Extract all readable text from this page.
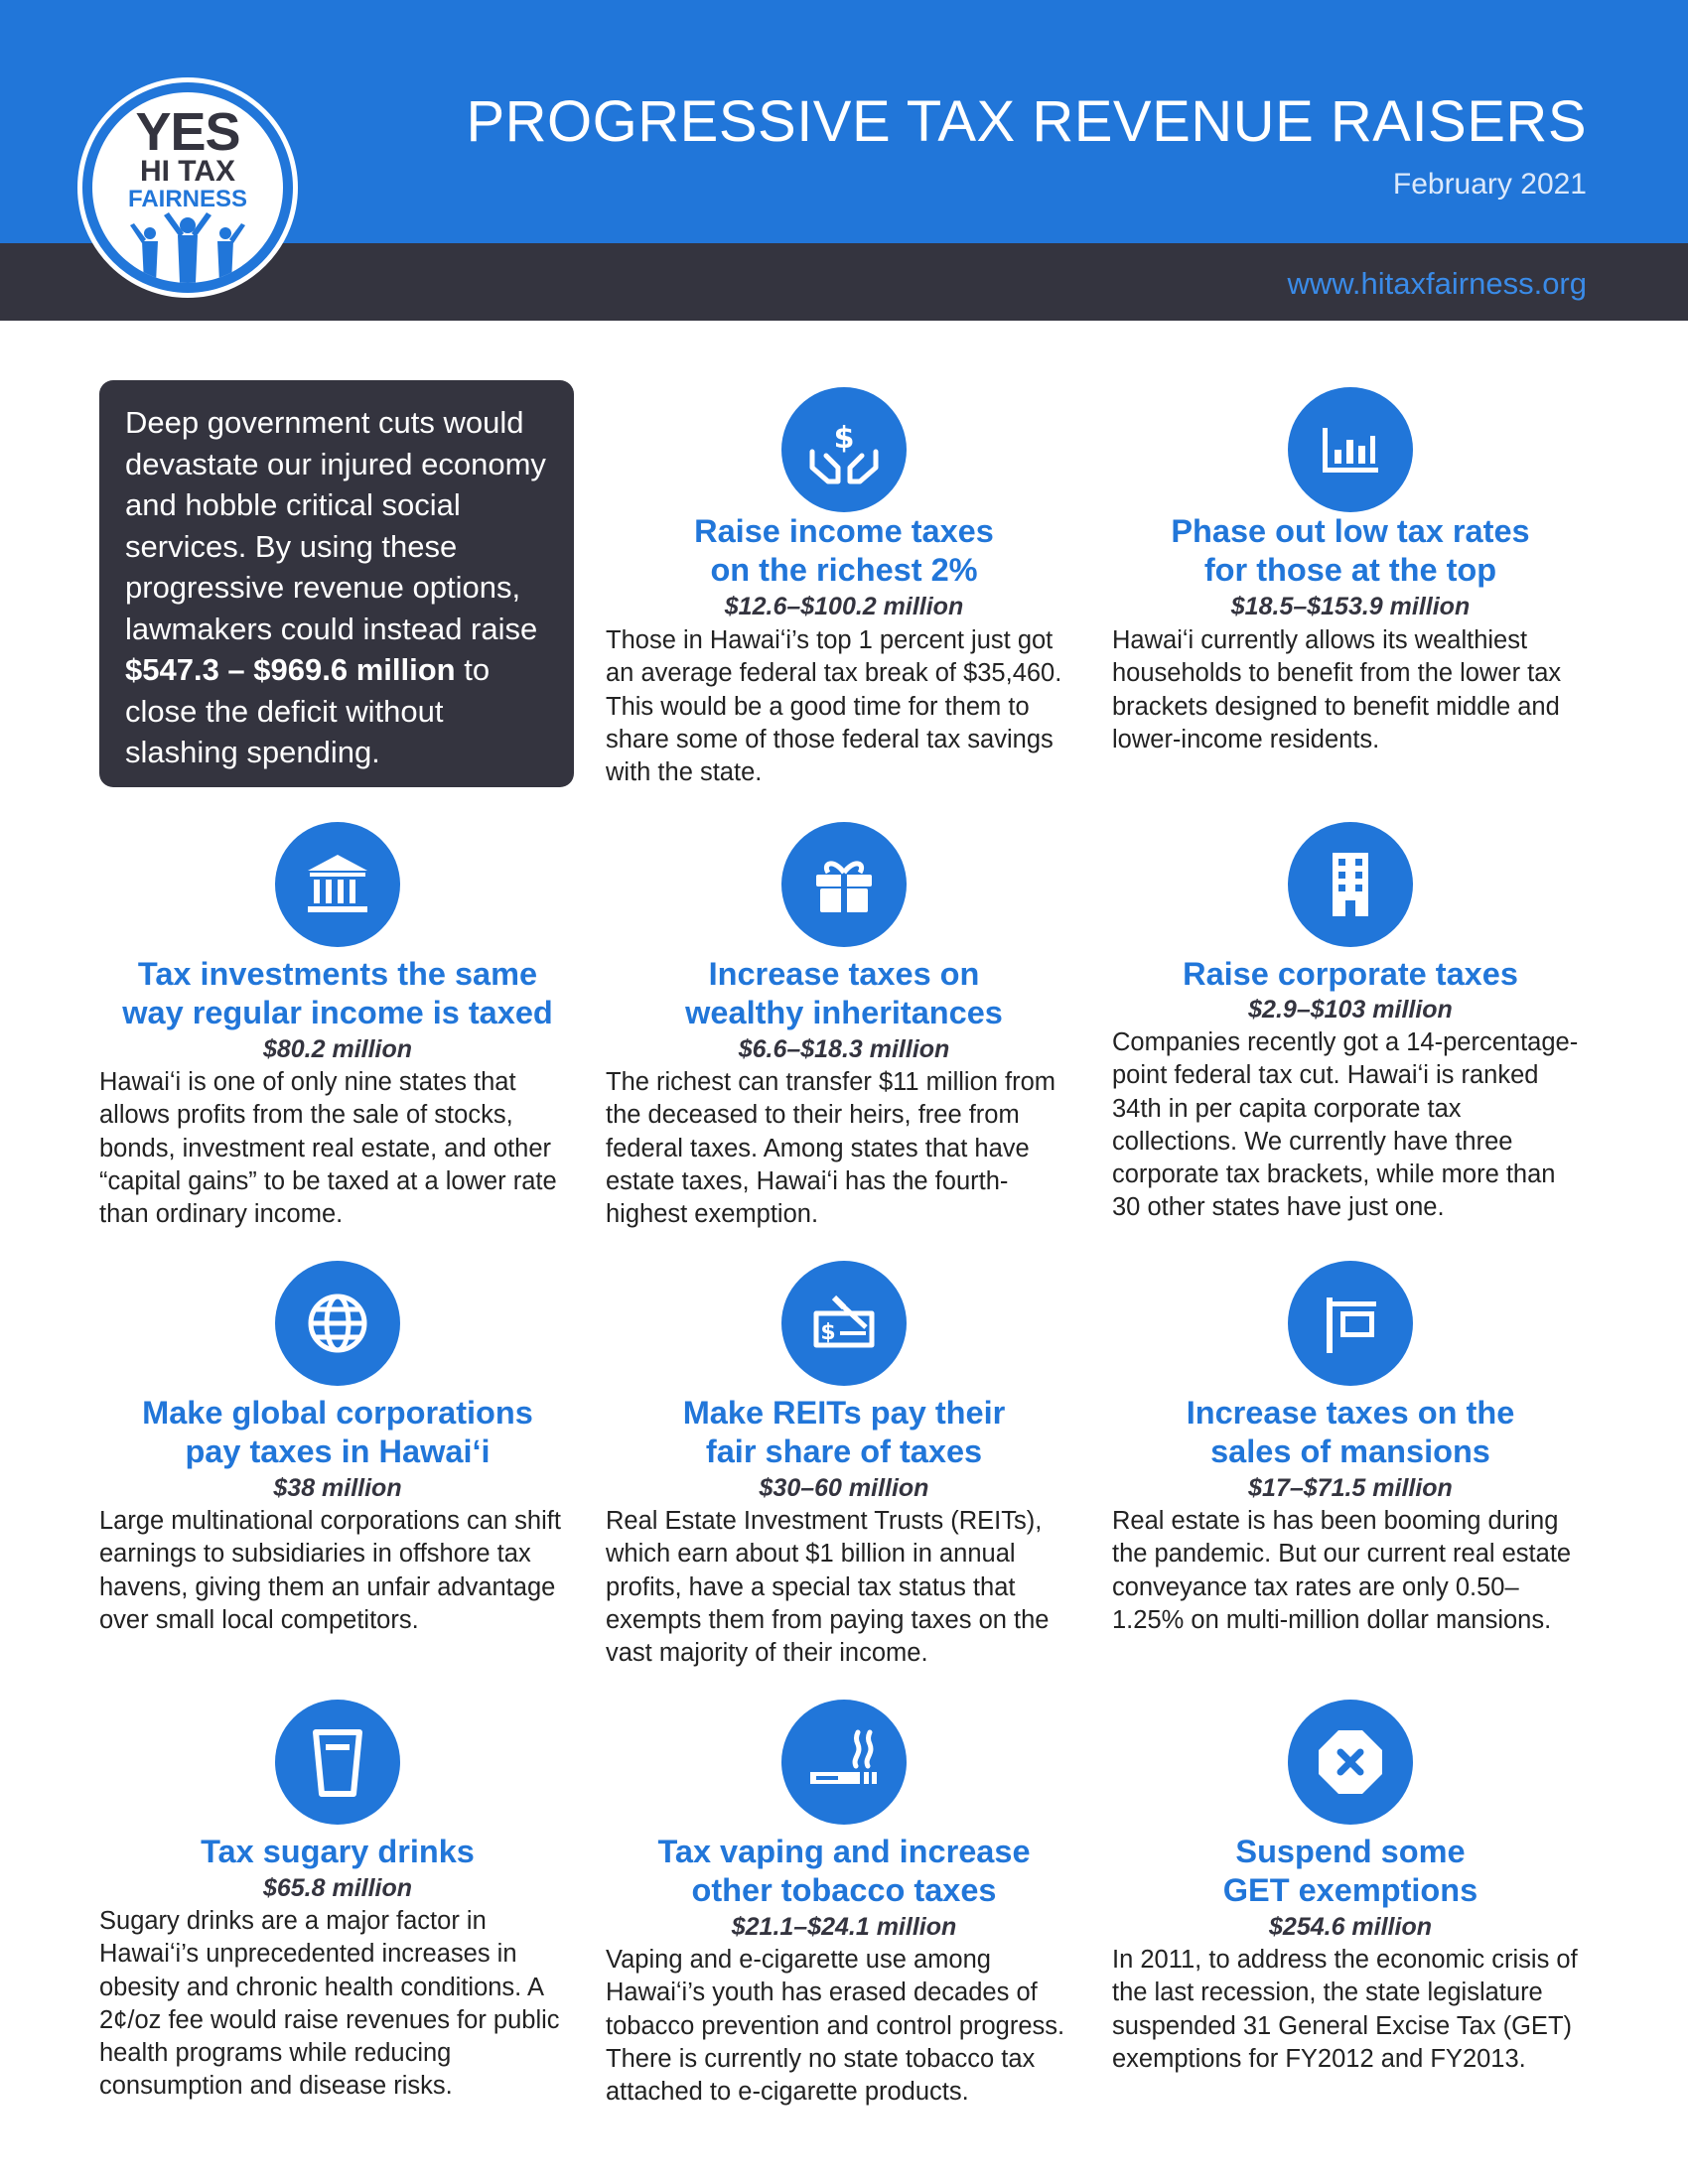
YES
HI TAX
FAIRNESS
PROGRESSIVE TAX REVENUE RAISERS
February 2021
www.hitaxfairness.org
Deep government cuts would devastate our injured economy and hobble critical social services. By using these progressive revenue options, lawmakers could instead raise $547.3 – $969.6 million to close the deficit without slashing spending.
$
Raise income taxes
on the richest 2%
$12.6–$100.2 million
Those in Hawaiʻi’s top 1 percent just got an average federal tax break of $35,460. This would be a good time for them to share some of those federal tax savings with the state.
Phase out low tax rates
for those at the top
$18.5–$153.9 million
Hawaiʻi currently allows its wealthiest households to benefit from the lower tax brackets designed to benefit middle and lower-income residents.
Tax investments the same
way regular income is taxed
$80.2 million
Hawaiʻi is one of only nine states that allows profits from the sale of stocks, bonds, investment real estate, and other “capital gains” to be taxed at a lower rate than ordinary income.
Increase taxes on
wealthy inheritances
$6.6–$18.3 million
The richest can transfer $11 million from the deceased to their heirs, free from federal taxes. Among states that have estate taxes, Hawaiʻi has the fourth-highest exemption.
Raise corporate taxes
$2.9–$103 million
Companies recently got a 14-percentage-point federal tax cut. Hawaiʻi is ranked 34th in per capita corporate tax collections. We currently have three corporate tax brackets, while more than 30 other states have just one.
Make global corporations
pay taxes in Hawaiʻi
$38 million
Large multinational corporations can shift earnings to subsidiaries in offshore tax havens, giving them an unfair advantage over small local competitors.
$
Make REITs pay their
fair share of taxes
$30–60 million
Real Estate Investment Trusts (REITs), which earn about $1 billion in annual profits, have a special tax status that exempts them from paying taxes on the vast majority of their income.
Increase taxes on the
sales of mansions
$17–$71.5 million
Real estate is has been booming during the pandemic. But our current real estate conveyance tax rates are only 0.50–1.25% on multi-million dollar mansions.
Tax sugary drinks
$65.8 million
Sugary drinks are a major factor in Hawaiʻi’s unprecedented increases in obesity and chronic health conditions. A 2¢/oz fee would raise revenues for public health programs while reducing consumption and disease risks.
Tax vaping and increase
other tobacco taxes
$21.1–$24.1 million
Vaping and e-cigarette use among Hawaiʻi’s youth has erased decades of tobacco prevention and control progress. There is currently no state tobacco tax attached to e-cigarette products.
Suspend some
GET exemptions
$254.6 million
In 2011, to address the economic crisis of the last recession, the state legislature suspended 31 General Excise Tax (GET) exemptions for FY2012 and FY2013.
